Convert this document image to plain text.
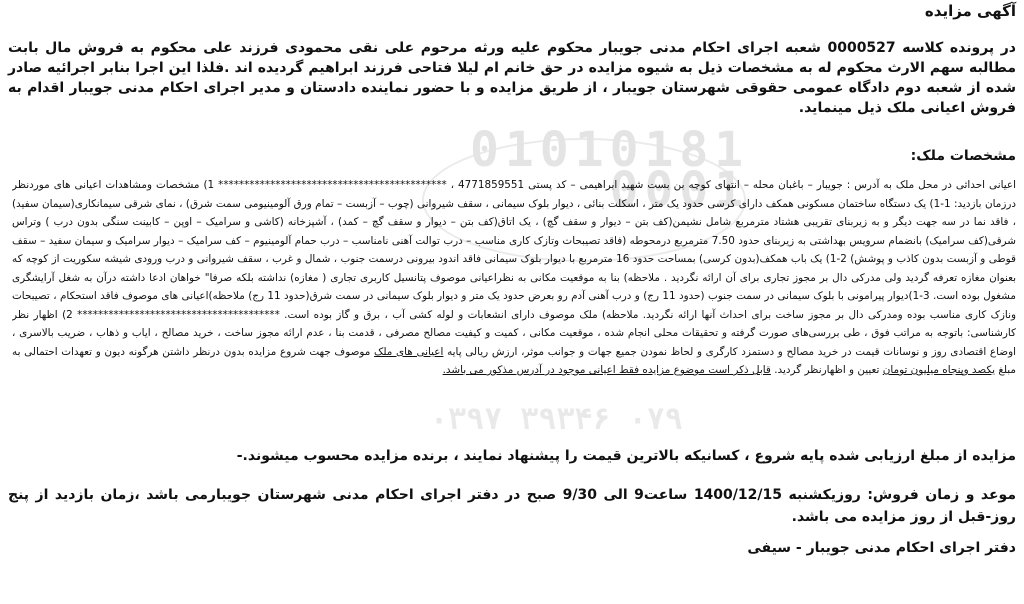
01010181
0001
۰۳۹۷ ۳۹۳۴۶ ۰۷۹
آگهی مزایده
در پرونده کلاسه 0000527 شعبه اجرای احکام مدنی جویبار محکوم علیه ورثه مرحوم علی نقی محمودی فرزند علی محکوم به فروش مال بابت مطالبه سهم الارث محکوم له به مشخصات ذیل به شیوه مزایده در حق خانم ام لیلا فتاحی فرزند ابراهیم گردیده اند .فلذا این اجرا بنابر اجرائیه صادر شده از شعبه دوم دادگاه عمومی حقوقی شهرستان جویبار ، از طریق مزایده و با حضور نماینده دادستان و مدیر اجرای احکام مدنی جویبار اقدام به فروش اعیانی ملک ذیل مینماید.
مشخصات ملک:
اعیانی احداثی در محل ملک به آدرس : جویبار – باغبان محله – انتهای کوچه بن بست شهید ابراهیمی – کد پستی 4771859551 ، ******************************************** 1) مشخصات ومشاهدات اعیانی های موردنظر درزمان بازدید: 1-1) یک دستگاه ساختمان مسکونی همکف دارای کرسی حدود یک متر ، اسکلت بنائی ، دیوار بلوک سیمانی ، سقف شیروانی (چوب – آزبست – تمام ورق آلومینیومی سمت شرق) ، نمای شرقی سیمانکاری(سیمان سفید) ، فاقد نما در سه جهت دیگر و به زیربنای تقریبی هشتاد مترمربع شامل نشیمن(کف بتن – دیوار و سقف گچ) ، یک اتاق(کف بتن – دیوار و سقف گچ – کمد) ، آشپزخانه (کاشی و سرامیک – اوپن – کابینت سنگی بدون درب ) وتراس شرقی(کف سرامیک) بانضمام سرویس بهداشتی به زیربنای حدود 7.50 مترمربع درمحوطه (فاقد تصیبحات وتازک کاری مناسب – درب توالت آهنی نامناسب – درب حمام آلومینیوم – کف سرامیک – دیوار سرامیک و سیمان سفید – سقف قوطی و آزبست بدون کاذب و پوشش) 2-1) یک باب همکف(بدون کرسی) بمساحت حدود 16 مترمربع با دیوار بلوک سیمانی فاقد اندود بیرونی درسمت جنوب ، شمال و غرب ، سقف شیروانی و درب ورودی شیشه سکوریت از کوچه که بعنوان مغازه تعرفه گردید ولی مدرکی دال بر مجوز تجاری برای آن ارائه نگردید . ملاحظه) بنا به موقعیت مکانی به نظراعیانی موصوف پتانسیل کاربری تجاری ( مغازه) نداشته بلکه صرفا" خواهان ادعا داشته درآن به شغل آرایشگری مشغول بوده است. 3-1)دیوار پیرامونی با بلوک سیمانی در سمت جنوب (حدود 11 رج) و درب آهنی آدم رو بعرض حدود یک متر و دیوار بلوک سیمانی در سمت شرق(حدود 11 رج) ملاحظه)اعیانی های موصوف فاقد استحکام ، تصیبحات ونازک کاری مناسب بوده ومدرکی دال بر مجوز ساخت برای احداث آنها ارائه نگردید. ملاحظه) ملک موصوف دارای انشعابات و لوله کشی آب ، برق و گاز بوده است. *************************************** 2) اظهار نظر کارشناسی: باتوجه به مراتب فوق ، طی بررسی‌های صورت گرفته و تحقیقات محلی انجام شده ، موقعیت مکانی ، کمیت و کیفیت مصالح مصرفی ، قدمت بنا ، عدم ارائه مجوز ساخت ، خرید مصالح ، ایاب و ذهاب ، ضریب بالاسری ، اوضاع اقتصادی روز و نوسانات قیمت در خرید مصالح و دستمزد کارگری و لحاظ نمودن جمیع جهات و جوانب موثر، ارزش ریالی پایه اعیانی های ملک موصوف جهت شروع مزایده بدون درنظر داشتن هرگونه دیون و تعهدات احتمالی به مبلغ یکصد وپنجاه میلیون تومان تعیین و اظهارنظر گردید. قابل ذکر است موضوع مزایده فقط اعیانی موجود در آدرس مذکور می باشد.
مزایده از مبلغ ارزیابی شده پایه شروع ، کسانیکه بالاترین قیمت را پیشنهاد نمایند ، برنده مزایده محسوب میشوند.-
موعد و زمان فروش: روزیکشنبه 1400/12/15 ساعت9 الی 9/30 صبح در دفتر اجرای احکام مدنی شهرستان جویبارمی باشد ،زمان بازدید از پنج روز-قبل از روز مزایده می باشد.
دفتر اجرای احکام مدنی جویبار - سیفی
